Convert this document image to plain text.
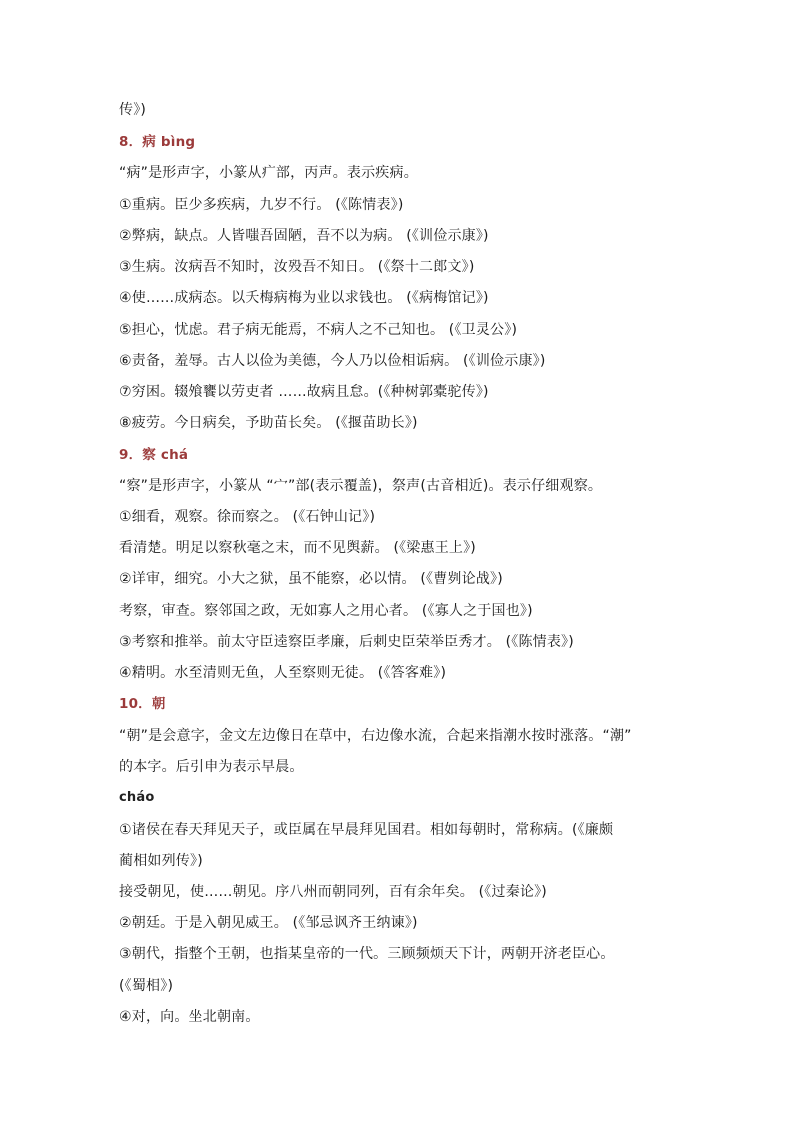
传》)
8．病 bìng
“病”是形声字，小篆从疒部，丙声。表示疾病。
①重病。臣少多疾病，九岁不行。 (《陈情表》)
②弊病，缺点。人皆嗤吾固陋，吾不以为病。 (《训俭示康》)
③生病。汝病吾不知时，汝殁吾不知日。 (《祭十二郎文》)
④使……成病态。以夭梅病梅为业以求钱也。 (《病梅馆记》)
⑤担心，忧虑。君子病无能焉，不病人之不己知也。 (《卫灵公》)
⑥责备，羞辱。古人以俭为美德，今人乃以俭相诟病。 (《训俭示康》)
⑦穷困。辍飧饔以劳吏者 ……故病且怠。(《种树郭橐驼传》)
⑧疲劳。今日病矣，予助苗长矣。 (《揠苗助长》)
9．察 chá
“察”是形声字，小篆从 “宀”部(表示覆盖)，祭声(古音相近)。表示仔细观察。
①细看，观察。徐而察之。 (《石钟山记》)
看清楚。明足以察秋毫之末，而不见舆薪。 (《梁惠王上》)
②详审，细究。小大之狱，虽不能察，必以情。 (《曹刿论战》)
考察，审查。察邻国之政，无如寡人之用心者。 (《寡人之于国也》)
③考察和推举。前太守臣逵察臣孝廉，后刺史臣荣举臣秀才。 (《陈情表》)
④精明。水至清则无鱼，人至察则无徒。 (《答客难》)
10．朝
“朝”是会意字，金文左边像日在草中，右边像水流，合起来指潮水按时涨落。“潮”
的本字。后引申为表示早晨。
cháo
①诸侯在春天拜见天子，或臣属在早晨拜见国君。相如每朝时，常称病。(《廉颇
蔺相如列传》)
接受朝见，使……朝见。序八州而朝同列，百有余年矣。 (《过秦论》)
②朝廷。于是入朝见威王。 (《邹忌讽齐王纳谏》)
③朝代，指整个王朝，也指某皇帝的一代。三顾频烦天下计，两朝开济老臣心。
(《蜀相》)
④对，向。坐北朝南。
